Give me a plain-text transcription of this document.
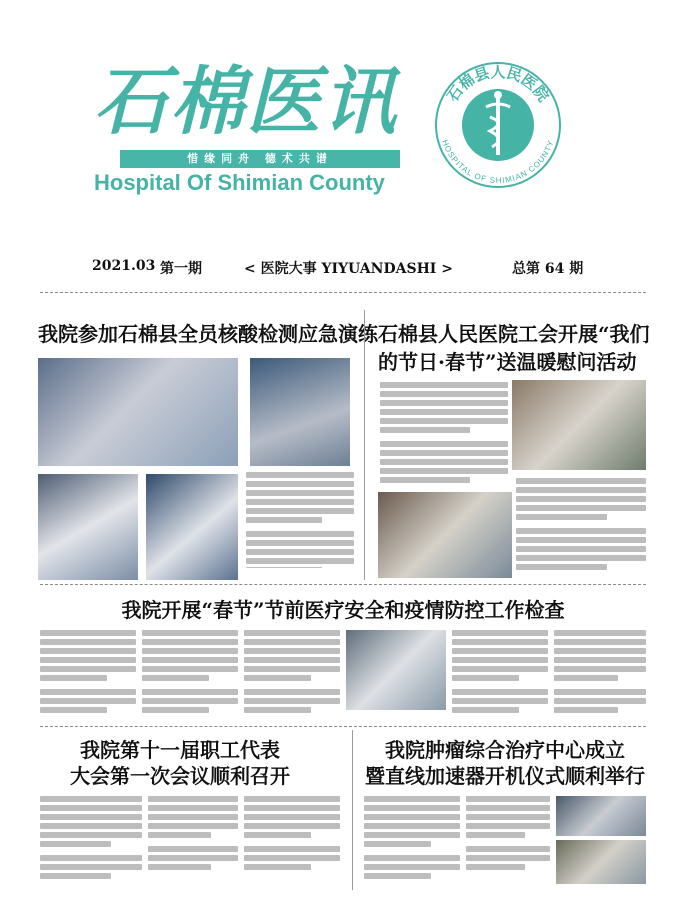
石棉医讯
惜缘同舟 德术共谱
Hospital Of Shimian County
石棉县人民医院
HOSPITAL OF SHIMIAN COUNTY
2021.03 第一期	< 医院大事 YIYUANDASHI >	总第 64 期
我院参加石棉县全员核酸检测应急演练 石棉县人民医院工会开展“我们
的节日·春节”送温暖慰问活动

我院开展“春节”节前医疗安全和疫情防控工作检查

我院第十一届职工代表
大会第一次会议顺利召开

我院肿瘤综合治疗中心成立
暨直线加速器开机仪式顺利举行
